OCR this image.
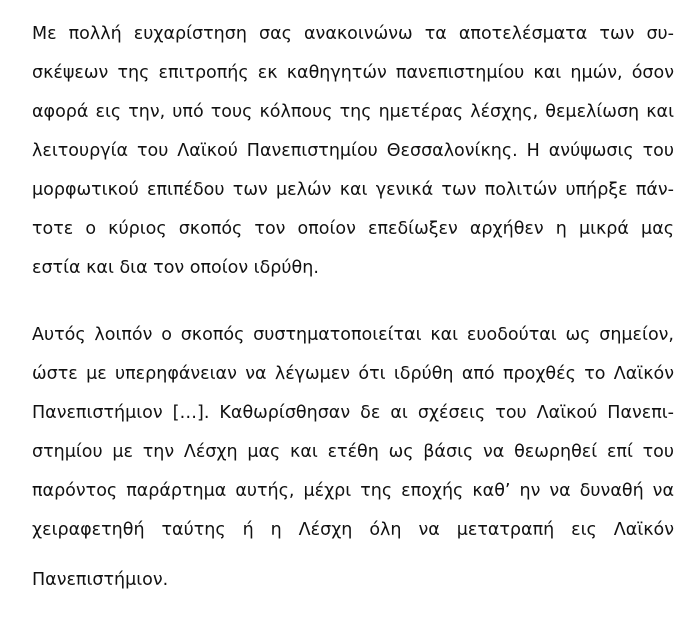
Με πολλή ευχαρίστηση σας ανακοινώνω τα αποτελέσματα των συ-
σκέψεων της επιτροπής εκ καθηγητών πανεπιστημίου και ημών, όσον
αφορά εις την, υπό τους κόλπους της ημετέρας λέσχης, θεμελίωση και
λειτουργία του Λαϊκού Πανεπιστημίου Θεσσαλονίκης. Η ανύψωσις του
μορφωτικού επιπέδου των μελών και γενικά των πολιτών υπήρξε πάν-
τοτε ο κύριος σκοπός τον οποίον επεδίωξεν αρχήθεν η μικρά μας
εστία και δια τον οποίον ιδρύθη.
Αυτός λοιπόν ο σκοπός συστηματοποιείται και ευοδούται ως σημείον,
ώστε με υπερηφάνειαν να λέγωμεν ότι ιδρύθη από προχθές το Λαϊκόν
Πανεπιστήμιον […]. Καθωρίσθησαν δε αι σχέσεις του Λαϊκού Πανεπι-
στημίου με την Λέσχη μας και ετέθη ως βάσις να θεωρηθεί επί του
παρόντος παράρτημα αυτής, μέχρι της εποχής καθ’ ην να δυναθή να
χειραφετηθή ταύτης ή η Λέσχη όλη να μετατραπή εις Λαϊκόν
Πανεπιστήμιον.
